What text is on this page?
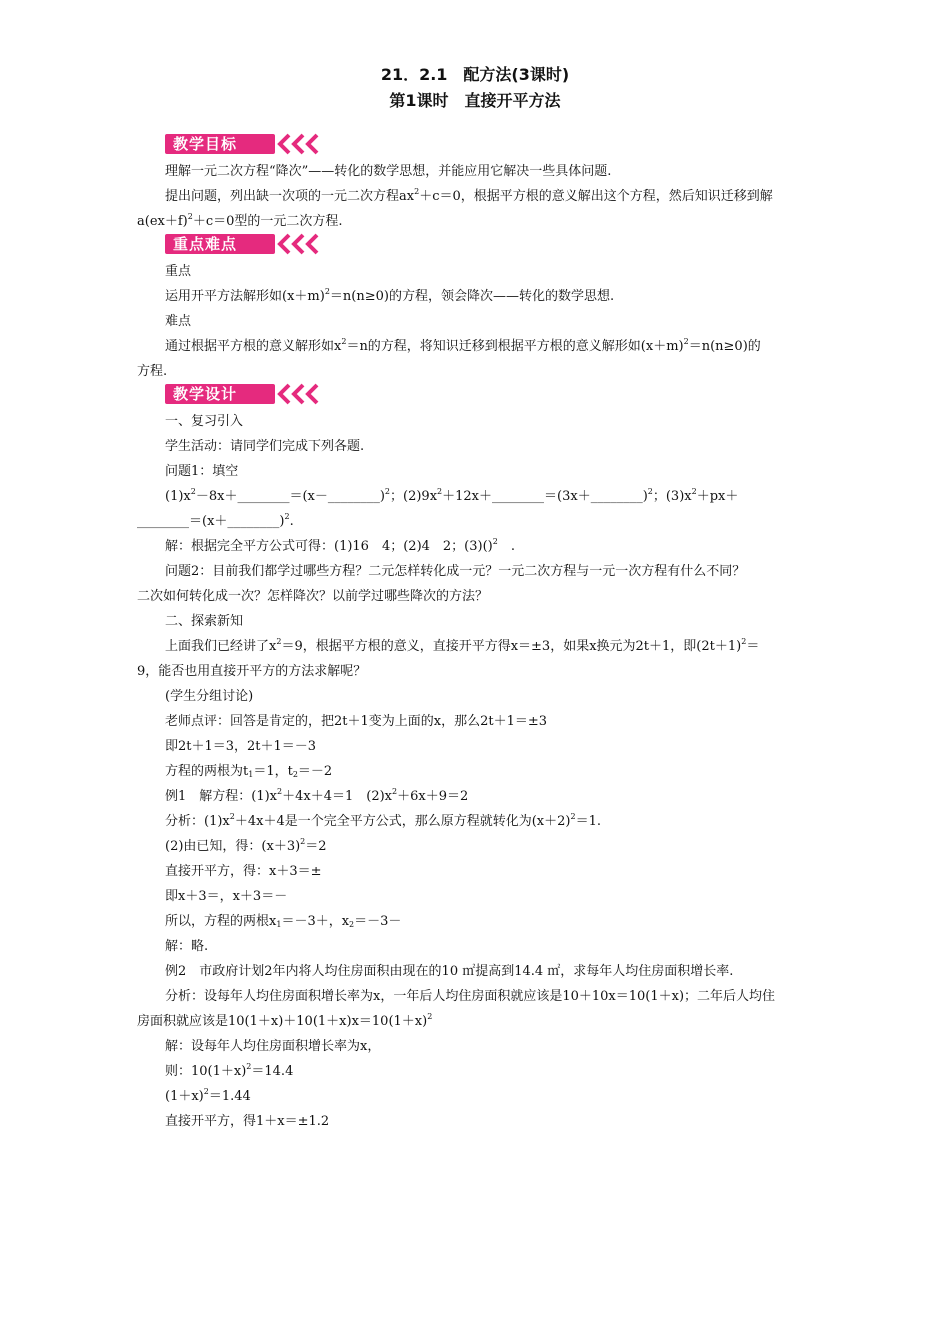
21．2.1　配方法(3课时)
第1课时　直接开平方法
教学目标
理解一元二次方程“降次”——转化的数学思想，并能应用它解决一些具体问题.
提出问题，列出缺一次项的一元二次方程$ax^2+c=0$，根据平方根的意义解出这个方程，然后知识迁移到解
$a(ex+f)^2+c=0$型的一元二次方程.
重点难点
重点
运用开平方法解形如$(x+m)^2=n(n\ge 0)$的方程，领会降次——转化的数学思想.
难点
通过根据平方根的意义解形如$x^2=n$的方程，将知识迁移到根据平方根的意义解形如$(x+m)^2=n(n\ge 0)$的
方程.
教学设计
一、复习引入
学生活动：请同学们完成下列各题.
问题1：填空
$(1)x^2-8x+\_\_\_\_\_\_\_\_=(x-\_\_\_\_\_\_\_\_)^2$；$(2)9x^2+12x+\_\_\_\_\_\_\_\_=(3x+\_\_\_\_\_\_\_\_)^2$；$(3)x^2+px+$
________＝(x＋________)$^2$.
解：根据完全平方公式可得：(1)16　4；(2)4　2；(3)()$^2$　.
问题2：目前我们都学过哪些方程？二元怎样转化成一元？一元二次方程与一元一次方程有什么不同？
二次如何转化成一次？怎样降次？以前学过哪些降次的方法？
二、探索新知
上面我们已经讲了$x^2=9$，根据平方根的意义，直接开平方得x＝±3，如果x换元为2t＋1，即$(2t+1)^2=$
9，能否也用直接开平方的方法求解呢？
(学生分组讨论)
老师点评：回答是肯定的，把2t＋1变为上面的x，那么2t＋1＝±3
即2t＋1＝3，2t＋1＝－3
方程的两根为$t_1=1$，$t_2=-2$
例1　解方程：$(1)x^2+4x+4=1$　$(2)x^2+6x+9=2$
分析：$(1)x^2+4x+4$是一个完全平方公式，那么原方程就转化为$(x+2)^2=1$.
(2)由已知，得：$(x+3)^2=2$
直接开平方，得：x＋3＝±
即x＋3＝，x＋3＝－
所以，方程的两根$x_1=-3+$，$x_2=-3-$
解：略.
例2　市政府计划2年内将人均住房面积由现在的10 ㎡提高到14.4 ㎡，求每年人均住房面积增长率.
分析：设每年人均住房面积增长率为x，一年后人均住房面积就应该是10＋10x＝10(1＋x)；二年后人均住
房面积就应该是$10(1+x)+10(1+x)x=10(1+x)^2$
解：设每年人均住房面积增长率为x，
则：$10(1+x)^2=14.4$
$(1+x)^2=1.44$
直接开平方，得1＋x＝±1.2
